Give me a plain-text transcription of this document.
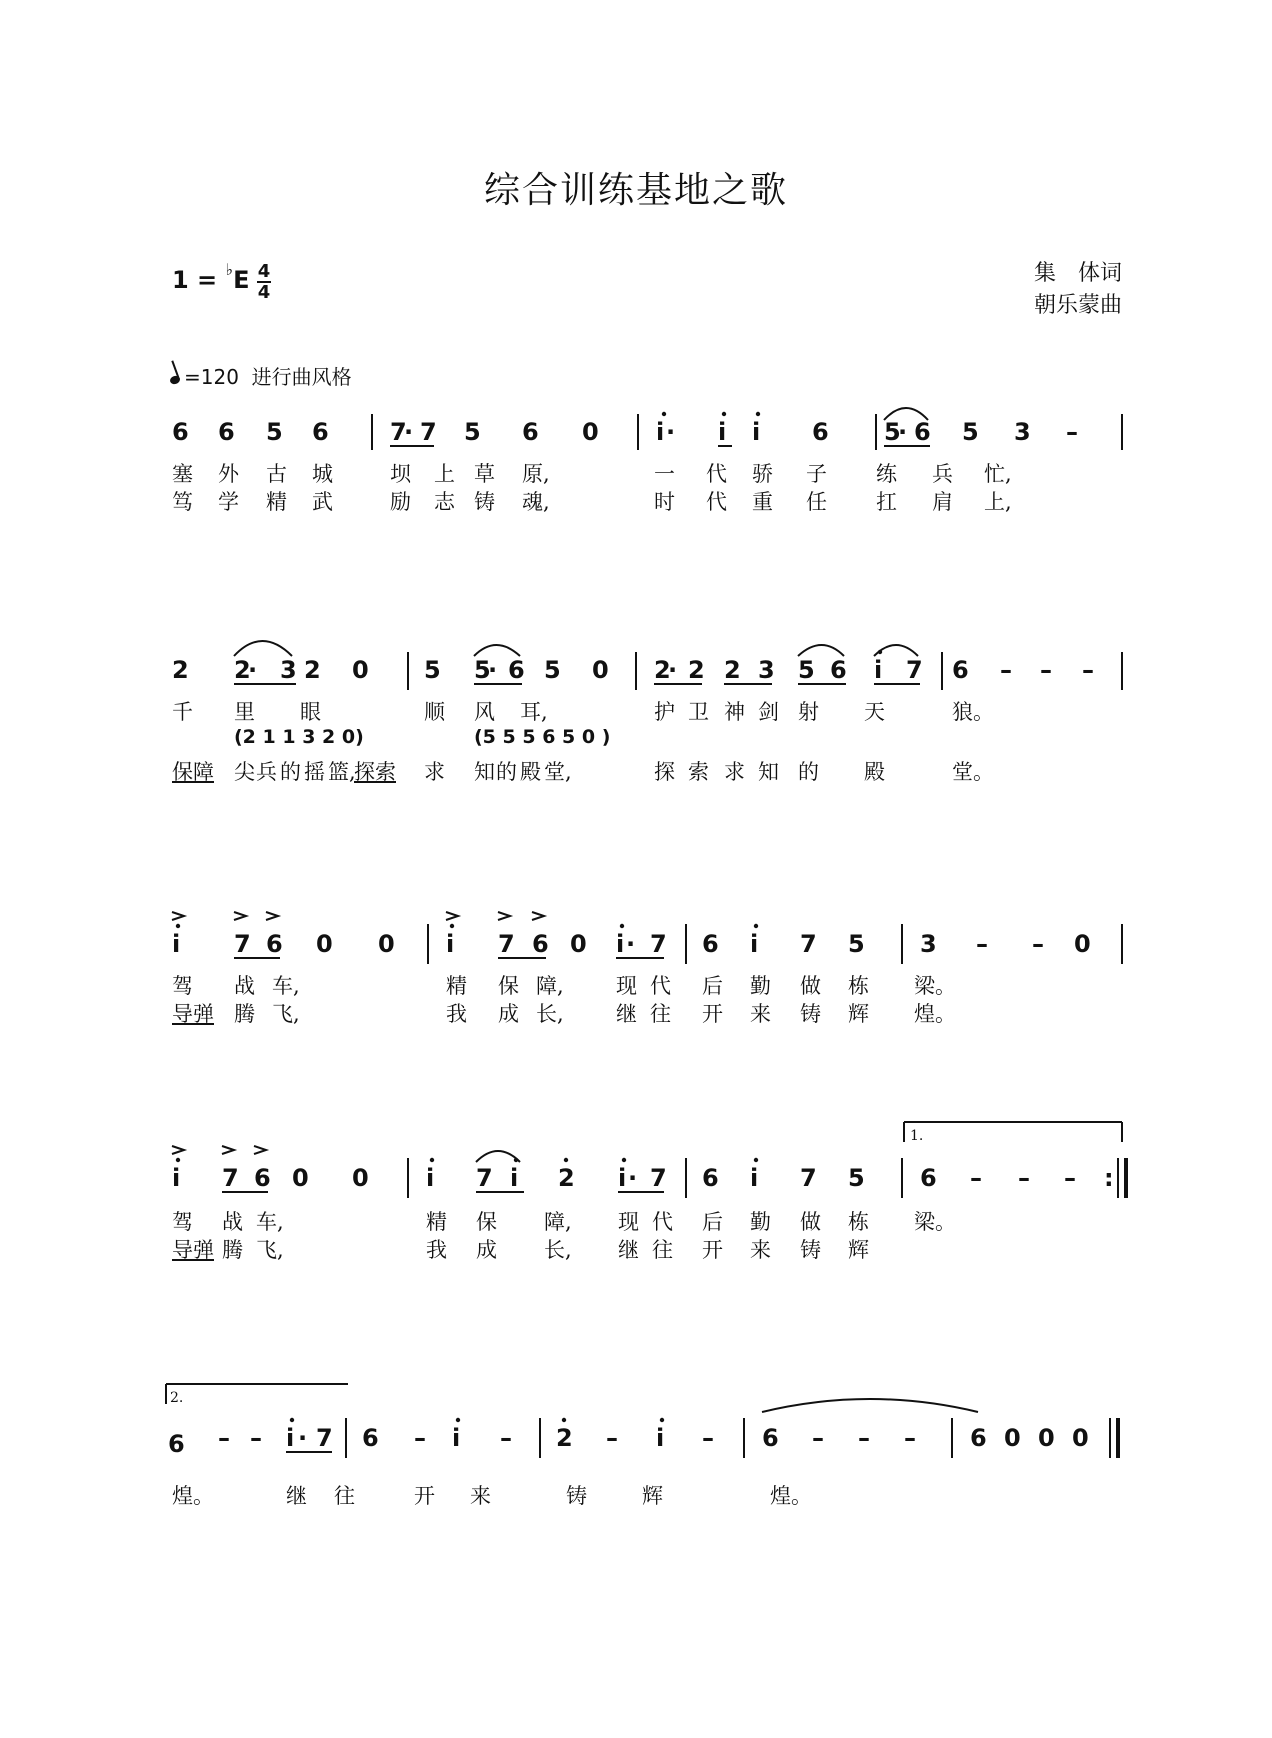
综合训练基地之歌
1 = ♭E 4
4
集　体词
朝乐蒙曲
=120 进行曲风格
6 6 5 6	7
· 7 5 6 0 i · i i 6 5
· 6 5 3 –
2 2
· 3 2 0 5 5
· 6 5 0 2
· 2 2 3 5 6 i 7 6 – – –
i 7 6 0 0 i 7 6 0 i · 7 6 i 7 5 3 – – 0
i 7 6 0 0 i 7 i 2 i · 7 6 i 7 5 6 – – – :
6 – – i · 7 6 – i – 2 – i – 6 – – – 6 0 0 0
1.
2.
塞 外 古 城	坝 上 草 原,	一 代 骄 子 练 兵 忙,
笃 学 精 武	励 志 铸 魂,	时 代 重 任 扛 肩 上,
千 里 眼	顺 风 耳,	护 卫 神 剑 射 天	狼。
(2 1 1 3 2 0)	(5 5 5 6 5 0 )
保障 尖 兵 的 摇 篮,
探索 求 知 的 殿 堂,	探 索 求 知 的 殿	堂。
驾 战 车,	精 保 障, 现 代 后 勤 做 栋 梁。
导弹 腾 飞,	我 成 长, 继 往 开 来 铸 辉 煌。
驾 战 车,	精 保 障, 现 代 后 勤 做 栋 梁。
导弹 腾 飞,	我 成 长, 继 往 开 来 铸 辉
煌。	继 往	开 来	铸	辉	煌。
